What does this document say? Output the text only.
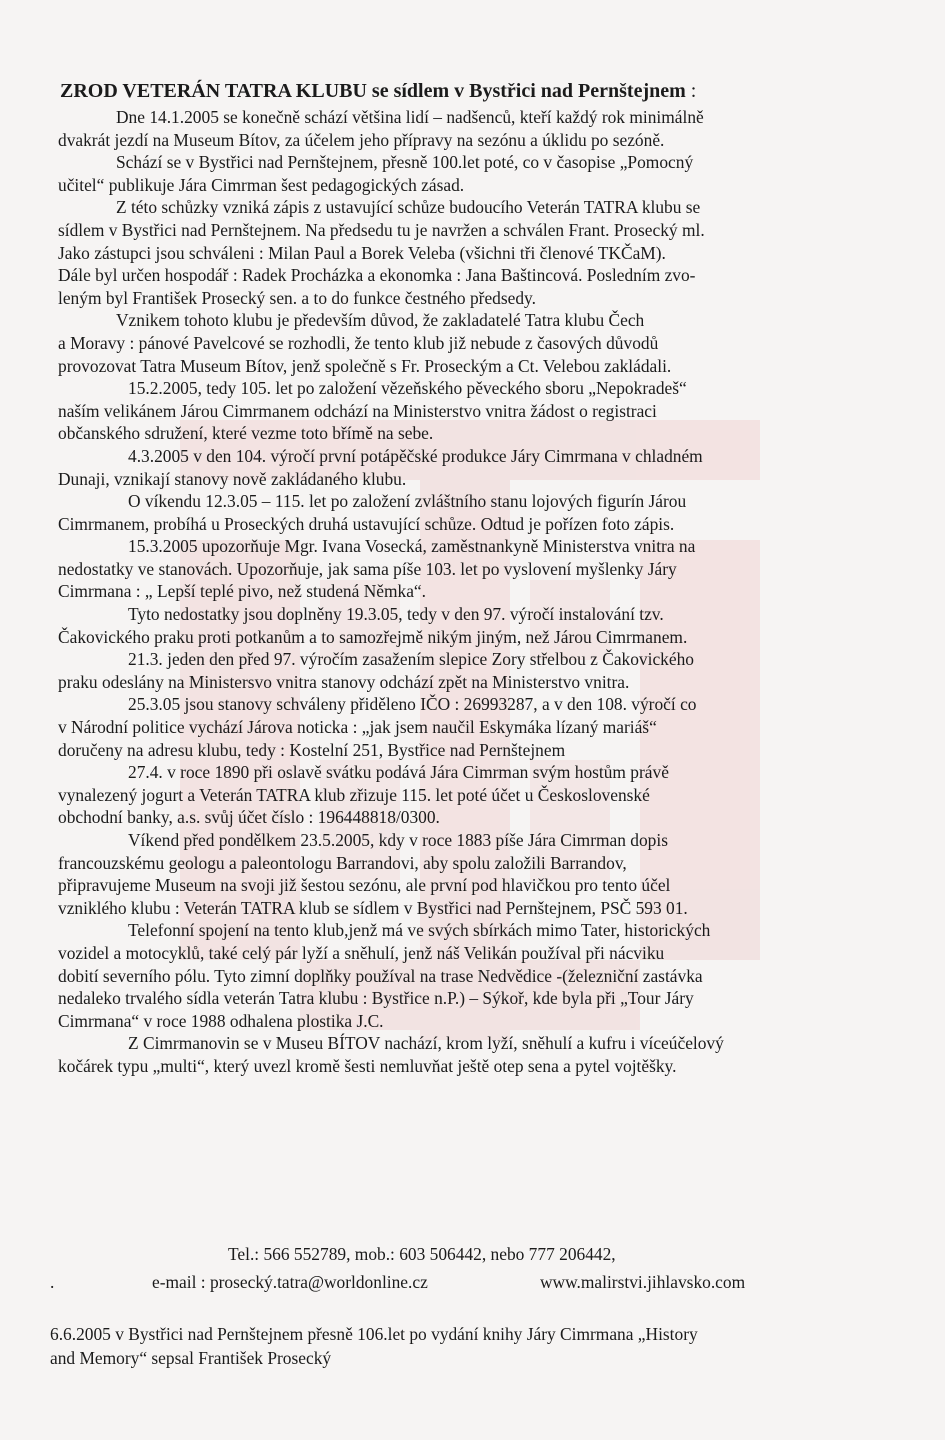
ZROD VETERÁN TATRA KLUBU se sídlem v Bystřici nad Pernštejnem :
Dne 14.1.2005 se konečně schází většina lidí – nadšenců, kteří každý rok minimálně
dvakrát jezdí na Museum Bítov, za účelem jeho přípravy na sezónu a úklidu po sezóně.
Schází se v Bystřici nad Pernštejnem, přesně 100.let poté, co v časopise „Pomocný
učitel“ publikuje Jára Cimrman šest pedagogických zásad.
Z této schůzky vzniká zápis z ustavující schůze budoucího Veterán TATRA klubu se
sídlem v Bystřici nad Pernštejnem. Na předsedu tu je navržen a schválen Frant. Prosecký ml.
Jako zástupci jsou schváleni : Milan Paul a Borek Veleba (všichni tři členové TKČaM).
Dále byl určen hospodář : Radek Procházka a ekonomka : Jana Baštincová. Posledním zvo-
leným byl František Prosecký sen. a to do funkce čestného předsedy.
Vznikem tohoto klubu je především důvod, že zakladatelé Tatra klubu Čech
a Moravy : pánové Pavelcové se rozhodli, že tento klub již nebude z časových důvodů
provozovat Tatra Museum Bítov, jenž společně s Fr. Proseckým a Ct. Velebou zakládali.
15.2.2005, tedy 105. let po založení vězeňského pěveckého sboru „Nepokradeš“
naším velikánem Járou Cimrmanem odchází na Ministerstvo vnitra žádost o registraci
občanského sdružení, které vezme toto břímě na sebe.
4.3.2005 v den 104. výročí první potápěčské produkce Járy Cimrmana v chladném
Dunaji, vznikají stanovy nově zakládaného klubu.
O víkendu 12.3.05 – 115. let po založení zvláštního stanu lojových figurín Járou
Cimrmanem, probíhá u Proseckých druhá ustavující schůze. Odtud je pořízen foto zápis.
15.3.2005 upozorňuje Mgr. Ivana Vosecká, zaměstnankyně Ministerstva vnitra na
nedostatky ve stanovách. Upozorňuje, jak sama píše 103. let po vyslovení myšlenky Járy
Cimrmana : „ Lepší teplé pivo, než studená Němka“.
Tyto nedostatky jsou doplněny 19.3.05, tedy v den 97. výročí instalování tzv.
Čakovického praku proti potkanům a to samozřejmě nikým jiným, než Járou Cimrmanem.
21.3. jeden den před 97. výročím zasažením slepice Zory střelbou z Čakovického
praku odeslány na Ministersvo vnitra stanovy odchází zpět na Ministerstvo vnitra.
25.3.05 jsou stanovy schváleny přiděleno IČO : 26993287, a v den 108. výročí co
v Národní politice vychází Járova noticka : „jak jsem naučil Eskymáka lízaný mariáš“
doručeny na adresu klubu, tedy : Kostelní 251, Bystřice nad Pernštejnem
27.4. v roce 1890 při oslavě svátku podává Jára Cimrman svým hostům právě
vynalezený jogurt a Veterán TATRA klub zřizuje 115. let poté účet u Československé
obchodní banky, a.s. svůj účet číslo : 196448818/0300.
Víkend před pondělkem 23.5.2005, kdy v roce 1883 píše Jára Cimrman dopis
francouzskému geologu a paleontologu Barrandovi, aby spolu založili Barrandov,
připravujeme Museum na svoji již šestou sezónu, ale první pod hlavičkou pro tento účel
vzniklého klubu : Veterán TATRA klub se sídlem v Bystřici nad Pernštejnem, PSČ 593 01.
Telefonní spojení na tento klub,jenž má ve svých sbírkách mimo Tater, historických
vozidel a motocyklů, také celý pár lyží a sněhulí, jenž náš Velikán používal při nácviku
dobití severního pólu. Tyto zimní doplňky používal na trase Nedvědice -(železniční zastávka
nedaleko trvalého sídla veterán Tatra klubu : Bystřice n.P.) – Sýkoř, kde byla při „Tour Járy
Cimrmana“ v roce 1988 odhalena plostika J.C.
Z Cimrmanovin se v Museu BÍTOV nachází, krom lyží, sněhulí a kufru i víceúčelový
kočárek typu „multi“, který uvezl kromě šesti nemluvňat ještě otep sena a pytel vojtěšky.
Tel.: 566 552789, mob.: 603 506442, nebo 777 206442,
.	e-mail : prosecký.tatra@worldonline.cz	www.malirstvi.jihlavsko.com
6.6.2005 v Bystřici nad Pernštejnem přesně 106.let po vydání knihy Járy Cimrmana „History
and Memory“ sepsal František Prosecký
